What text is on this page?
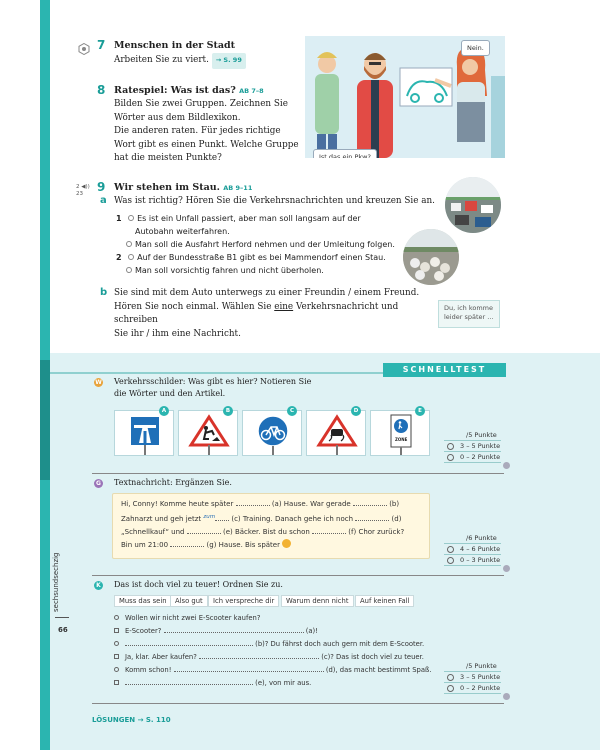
7 Menschen in der Stadt
Arbeiten Sie zu viert. → S. 99
8 Ratespiel: Was ist das? AB 7–8
Bilden Sie zwei Gruppen. Zeichnen Sie
Wörter aus dem Bildlexikon.
Die anderen raten. Für jedes richtige
Wort gibt es einen Punkt. Welche Gruppe
hat die meisten Punkte?
Nein.
Ist das ein Pkw?
2 ◀)) 23	9 Wir stehen im Stau. AB 9–11
a Was ist richtig? Hören Sie die Verkehrsnachrichten und kreuzen Sie an.
1 Es ist ein Unfall passiert, aber man soll langsam auf der
Autobahn weiterfahren.
Man soll die Ausfahrt Herford nehmen und der Umleitung folgen.
2 Auf der Bundesstraße B1 gibt es bei Mammendorf einen Stau.
Man soll vorsichtig fahren und nicht überholen.
b Sie sind mit dem Auto unterwegs zu einer Freundin / einem Freund.
Hören Sie noch einmal. Wählen Sie eine Verkehrsnachricht und schreiben
Sie ihr / ihm eine Nachricht.
Du, ich komme leider später ...
SCHNELLTEST
W Verkehrsschilder: Was gibt es hier? Notieren Sie
die Wörter und den Artikel.
A	B	C	D	E
ZONE
/5 Punkte
3 – 5 Punkte
0 – 2 Punkte
G Textnachricht: Ergänzen Sie.
Hi, Conny! Komme heute später	(a) Hause. War gerade	(b)
Zahnarzt und geh jetzt $^{zum}$ (c) Training. Danach gehe ich noch	(d)
„Schnellkauf“ und	(e) Bäcker. Bist du schon	(f) Chor zurück?
Bin um 21:00	(g) Hause. Bis später
/6 Punkte
4 – 6 Punkte
0 – 3 Punkte
K Das ist doch viel zu teuer! Ordnen Sie zu.
Muss das sein	Also gut	Ich verspreche dir	Warum denn nicht	Auf keinen Fall
Wollen wir nicht zwei E-Scooter kaufen?
E-Scooter?	(a)!
(b)? Du fährst doch auch gern mit dem E-Scooter.
Ja, klar. Aber kaufen?	(c)? Das ist doch viel zu teuer.
Komm schon!	(d), das macht bestimmt Spaß.
(e), von mir aus.
/5 Punkte
3 – 5 Punkte
0 – 2 Punkte
LÖSUNGEN → S. 110
sechsundsechzig
66
